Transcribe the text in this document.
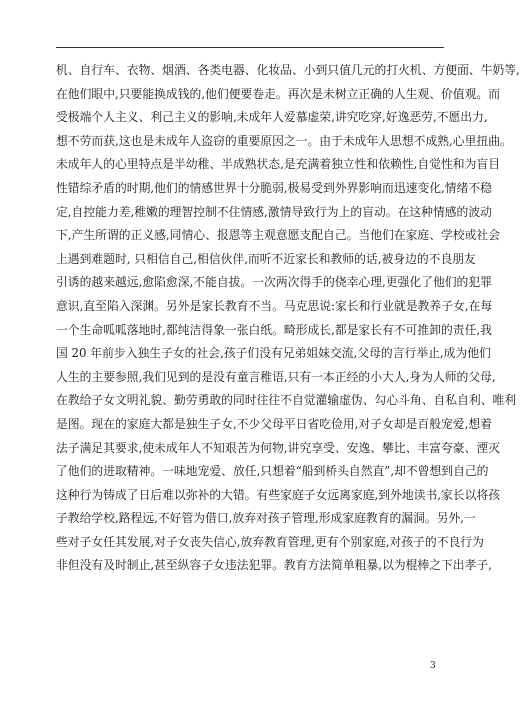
机、自行车、衣物、烟酒、各类电器、化妆品、小到只值几元的打火机、方便面、牛奶等,
在他们眼中,只要能换成钱的,他们便要卷走。再次是未树立正确的人生观、价值观。而
受极端个人主义、利己主义的影响,未成年人爱慕虚荣,讲究吃穿,好逸恶劳,不愿出力,
想不劳而获,这也是未成年人盗窃的重要原因之一。由于未成年人思想不成熟,心里扭曲。
未成年人的心里特点是半幼稚、半成熟状态,是充满着独立性和依赖性,自觉性和为盲目
性错综矛盾的时期,他们的情感世界十分脆弱,极易受到外界影响而迅速变化,情绪不稳
定,自控能力差,稚嫩的理智控制不住情感,激情导致行为上的盲动。在这种情感的波动
下,产生所谓的正义感,同情心、报恩等主观意愿支配自己。当他们在家庭、学校或社会
上遇到难题时, 只相信自己,相信伙伴,而听不近家长和教师的话,被身边的不良朋友
引诱的越来越远,愈陷愈深,不能自拔。一次两次得手的侥幸心理,更强化了他们的犯罪
意识,直至陷入深渊。另外是家长教育不当。马克思说:家长和行业就是教养子女,在每
一个生命呱呱落地时,都纯洁得象一张白纸。畸形成长,都是家长有不可推卸的责任,我
国 20 年前步入独生子女的社会,孩子们没有兄弟姐妹交流,父母的言行举止,成为他们
人生的主要参照,我们见到的是没有童言稚语,只有一本正经的小大人,身为人师的父母,
在教给子女文明礼貌、勤劳勇敢的同时往往不自觉灌输虚伪、勾心斗角、自私自利、唯利
是图。现在的家庭大都是独生子女,不少父母平日省吃俭用,对子女却是百般宠爱,想着
法子满足其要求,使未成年人不知艰苦为何物,讲究享受、安逸、攀比、丰富夸豪、湮灭
了他们的进取精神。一味地宠爱、放任,只想着“船到桥头自然直”,却不曾想到自己的
这种行为铸成了日后难以弥补的大错。有些家庭子女远离家庭,到外地读书,家长以将孩
子教给学校,路程远,不好管为借口,放弃对孩子管理,形成家庭教育的漏洞。另外,一
些对子女任其发展,对子女丧失信心,放弃教育管理,更有个别家庭,对孩子的不良行为
非但没有及时制止,甚至纵容子女违法犯罪。教育方法简单粗暴,以为棍棒之下出孝子,
3
